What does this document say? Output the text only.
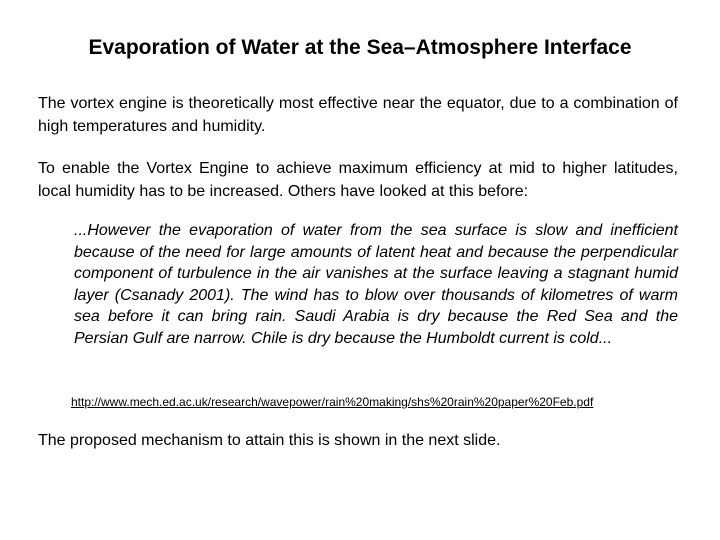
Evaporation of Water at the Sea–Atmosphere Interface

The vortex engine is theoretically most effective near the equator, due to a combination of high temperatures and humidity.

To enable the Vortex Engine to achieve maximum efficiency at mid to higher latitudes, local humidity has to be increased. Others have looked at this before:

...However the evaporation of water from the sea surface is slow and inefficient because of the need for large amounts of latent heat and because the perpendicular component of turbulence in the air vanishes at the surface leaving a stagnant humid layer (Csanady 2001). The wind has to blow over thousands of kilometres of warm sea before it can bring rain. Saudi Arabia is dry because the Red Sea and the Persian Gulf are narrow. Chile is dry because the Humboldt current is cold...

http://www.mech.ed.ac.uk/research/wavepower/rain%20making/shs%20rain%20paper%20Feb.pdf

The proposed mechanism to attain this is shown in the next slide.
